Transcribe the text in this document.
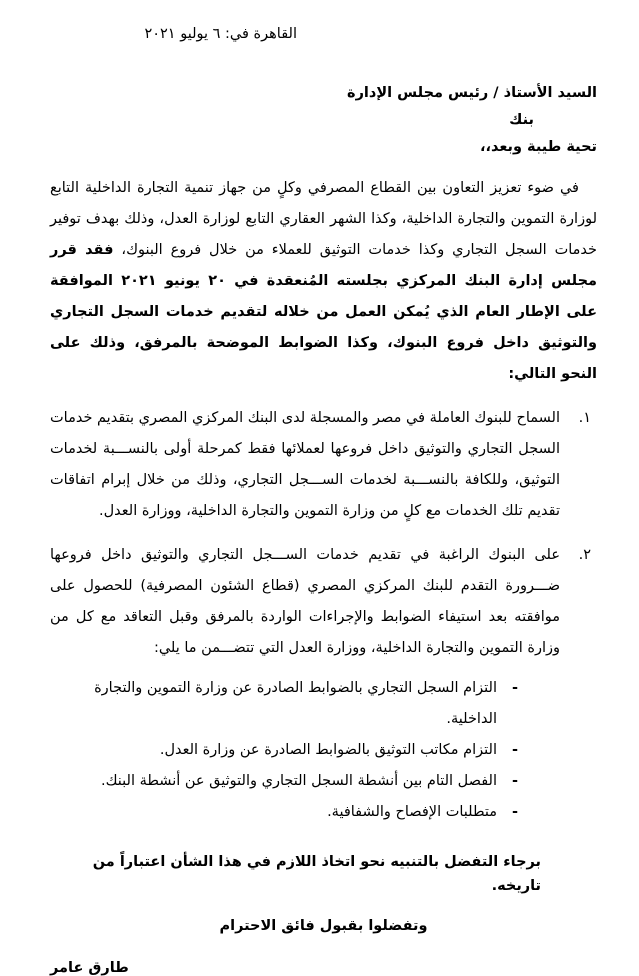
القاهرة في: ٦ يوليو ٢٠٢١
السيد الأستاذ / رئيس مجلس الإدارة
بنك
تحية طيبة وبعد،،
في ضوء تعزيز التعاون بين القطاع المصرفي وكلٍ من جهاز تنمية التجارة الداخلية التابع لوزارة التموين والتجارة الداخلية، وكذا الشهر العقاري التابع لوزارة العدل، وذلك بهدف توفير خدمات السجل التجاري وكذا خدمات التوثيق للعملاء من خلال فروع البنوك، فقد قرر مجلس إدارة البنك المركزي بجلسته المُنعقدة في ٢٠ يونيو ٢٠٢١ الموافقة على الإطار العام الذي يُمكن العمل من خلاله لتقديم خدمات السجل التجاري والتوثيق داخل فروع البنوك، وكذا الضوابط الموضحة بالمرفق، وذلك على النحو التالي:
١.
السماح للبنوك العاملة في مصر والمسجلة لدى البنك المركزي المصري بتقديم خدمات السجل التجاري والتوثيق داخل فروعها لعملائها فقط كمرحلة أولى بالنســـبة لخدمات التوثيق، وللكافة بالنســـبة لخدمات الســـجل التجاري، وذلك من خلال إبرام اتفاقات تقديم تلك الخدمات مع كلٍ من وزارة التموين والتجارة الداخلية، ووزارة العدل.
٢.
على البنوك الراغبة في تقديم خدمات الســـجل التجاري والتوثيق داخل فروعها ضـــرورة التقدم للبنك المركزي المصري (قطاع الشئون المصرفية) للحصول على موافقته بعد استيفاء الضوابط والإجراءات الواردة بالمرفق وقبل التعاقد مع كل من وزارة التموين والتجارة الداخلية، ووزارة العدل التي تتضـــمن ما يلي:
-
التزام السجل التجاري بالضوابط الصادرة عن وزارة التموين والتجارة الداخلية.
-
التزام مكاتب التوثيق بالضوابط الصادرة عن وزارة العدل.
-
الفصل التام بين أنشطة السجل التجاري والتوثيق عن أنشطة البنك.
-
متطلبات الإفصاح والشفافية.
برجاء التفضل بالتنبيه نحو اتخاذ اللازم في هذا الشأن اعتباراً من تاريخه.
وتفضلوا بقبول فائق الاحترام
طارق عامر
